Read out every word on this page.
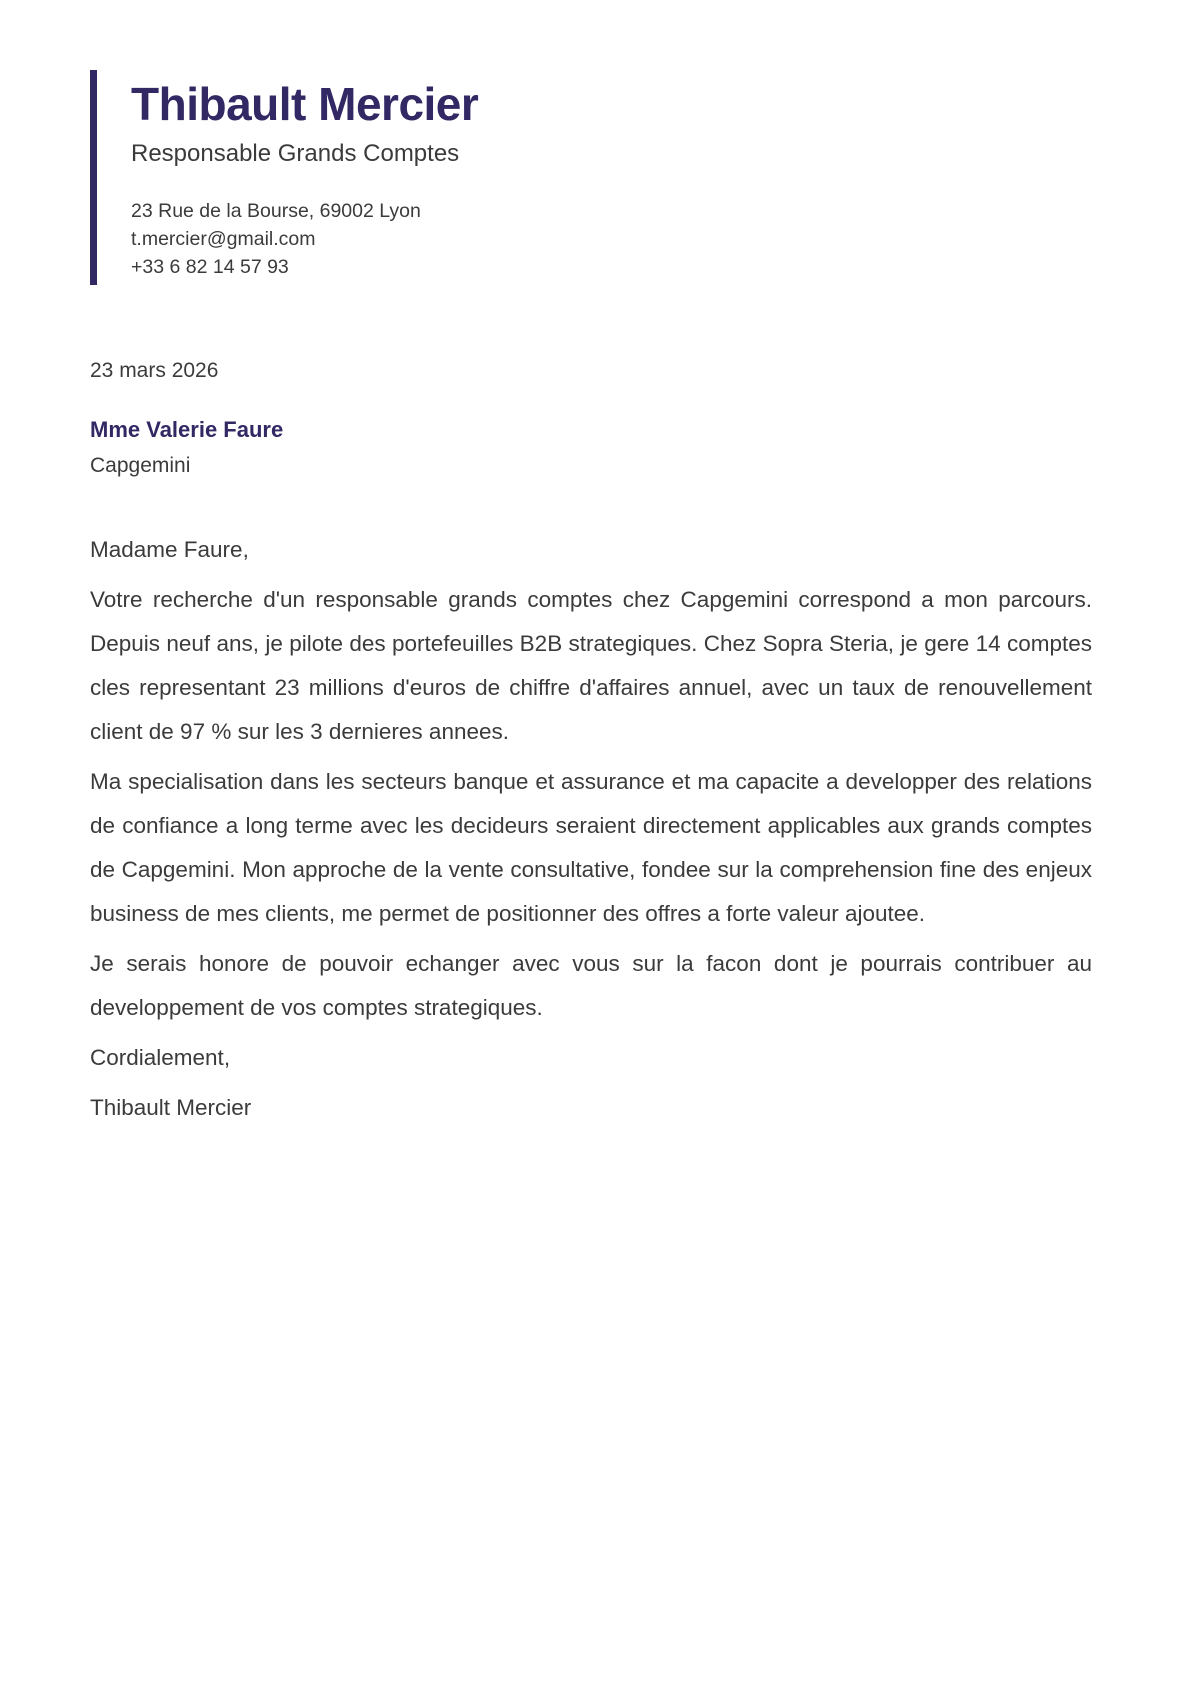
Thibault Mercier
Responsable Grands Comptes
23 Rue de la Bourse, 69002 Lyon
t.mercier@gmail.com
+33 6 82 14 57 93
23 mars 2026
Mme Valerie Faure
Capgemini

Madame Faure,

Votre recherche d'un responsable grands comptes chez Capgemini correspond a mon parcours. Depuis neuf ans, je pilote des portefeuilles B2B strategiques. Chez Sopra Steria, je gere 14 comptes cles representant 23 millions d'euros de chiffre d'affaires annuel, avec un taux de renouvellement client de 97 % sur les 3 dernieres annees.

Ma specialisation dans les secteurs banque et assurance et ma capacite a developper des relations de confiance a long terme avec les decideurs seraient directement applicables aux grands comptes de Capgemini. Mon approche de la vente consultative, fondee sur la comprehension fine des enjeux business de mes clients, me permet de positionner des offres a forte valeur ajoutee.

Je serais honore de pouvoir echanger avec vous sur la facon dont je pourrais contribuer au developpement de vos comptes strategiques.

Cordialement,

Thibault Mercier
